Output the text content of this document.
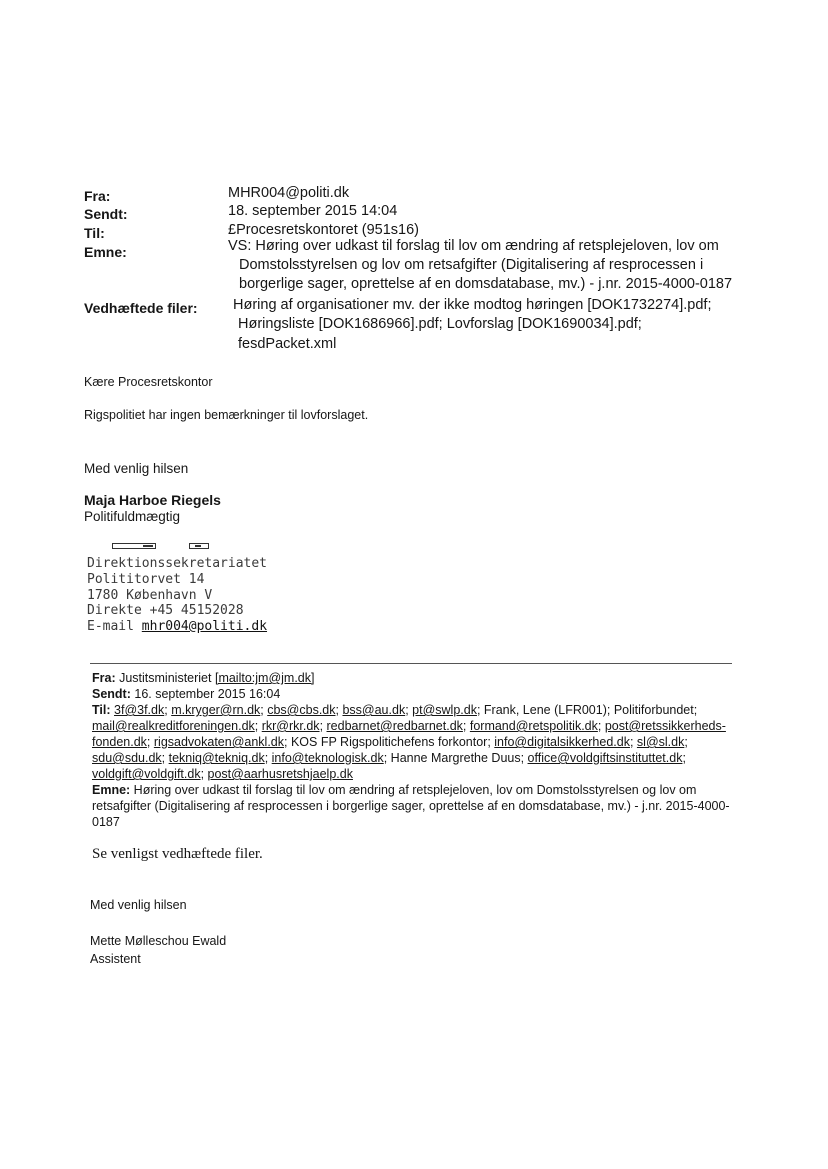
Fra:	MHR004@politi.dk
Sendt:	18. september 2015 14:04
Til:	£Procesretskontoret (951s16)
Emne:	VS: Høring over udkast til forslag til lov om ændring af retsplejeloven, lov om
Domstolsstyrelsen og lov om retsafgifter (Digitalisering af resprocessen i
borgerlige sager, oprettelse af en domsdatabase, mv.) - j.nr. 2015-4000-0187
Vedhæftede filer: Høring af organisationer mv. der ikke modtog høringen [DOK1732274].pdf;
Høringsliste [DOK1686966].pdf; Lovforslag [DOK1690034].pdf;
fesdPacket.xml
Kære Procesretskontor
Rigspolitiet har ingen bemærkninger til lovforslaget.
Med venlig hilsen
Maja Harboe Riegels
Politifuldmægtig
Direktionssekretariatet
Polititorvet 14
1780 København V
Direkte +45 45152028
E-mail mhr004@politi.dk
Fra: Justitsministeriet [mailto:jm@jm.dk]
Sendt: 16. september 2015 16:04
Til: 3f@3f.dk; m.kryger@rn.dk; cbs@cbs.dk; bss@au.dk; pt@swlp.dk; Frank, Lene (LFR001); Politiforbundet; mail@realkreditforeningen.dk; rkr@rkr.dk; redbarnet@redbarnet.dk; formand@retspolitik.dk; post@retssikkerheds-fonden.dk; rigsadvokaten@ankl.dk; KOS FP Rigspolitichefens forkontor; info@digitalsikkerhed.dk; sl@sl.dk; sdu@sdu.dk; tekniq@tekniq.dk; info@teknologisk.dk; Hanne Margrethe Duus; office@voldgiftsinstituttet.dk; voldgift@voldgift.dk; post@aarhusretshjaelp.dk
Emne: Høring over udkast til forslag til lov om ændring af retsplejeloven, lov om Domstolsstyrelsen og lov om retsafgifter (Digitalisering af resprocessen i borgerlige sager, oprettelse af en domsdatabase, mv.) - j.nr. 2015-4000-0187
Se venligst vedhæftede filer.
Med venlig hilsen
Mette Mølleschou Ewald
Assistent
